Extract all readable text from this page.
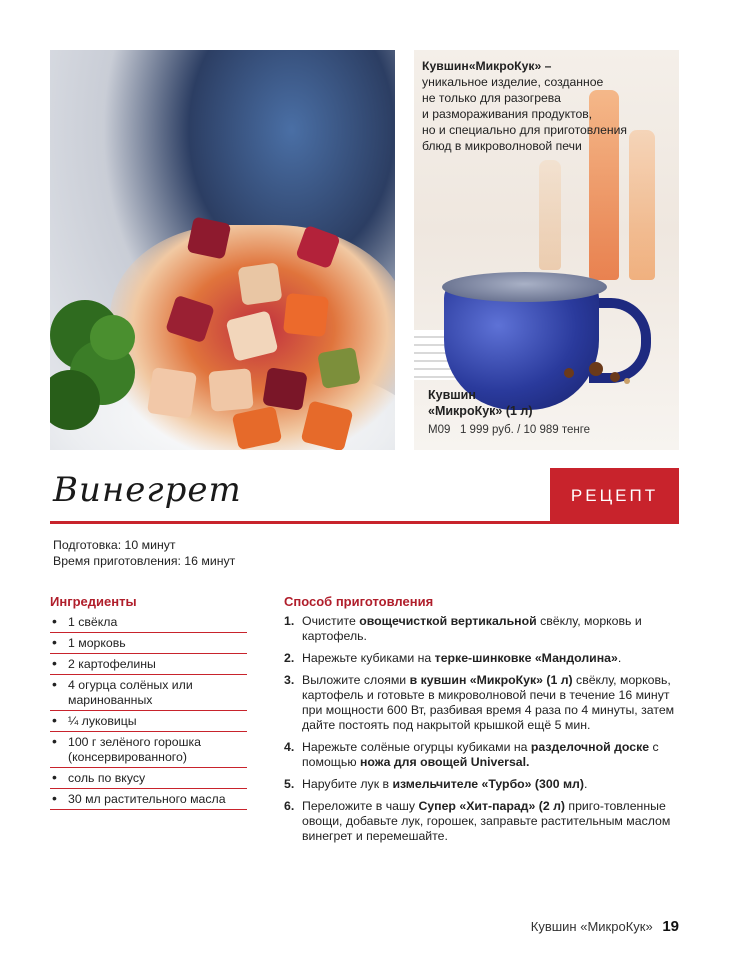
Кувшин«МикроКук» –
уникальное изделие, созданное
не только для разогрева
и размораживания продуктов,
но и специально для приготовления
блюд в микроволновой печи
Кувшин
«МикроКук» (1 л)
M09 1 999 руб. / 10 989 тенге
Винегрет	РЕЦЕПТ
Подготовка: 10 минут
Время приготовления: 16 минут
Ингредиенты
• 1 свёкла
• 1 морковь
• 2 картофелины
• 4 огурца солёных или маринованных
• ¼ луковицы
• 100 г зелёного горошка (консервированного)
• соль по вкусу
• 30 мл растительного масла
Способ приготовления
1. Очистите овощечисткой вертикальной свёклу, морковь и картофель.
2. Нарежьте кубиками на терке-шинковке «Мандолина».
3. Выложите слоями в кувшин «МикроКук» (1 л) свёклу, морковь, картофель и готовьте в микроволновой печи в течение 16 минут при мощности 600 Вт, разбивая время 4 раза по 4 минуты, затем дайте постоять под накрытой крышкой ещё 5 мин.
4. Нарежьте солёные огурцы кубиками на разделочной доске с помощью ножа для овощей Universal.
5. Нарубите лук в измельчителе «Турбо» (300 мл).
6. Переложите в чашу Супер «Хит-парад» (2 л) приго-товленные овощи, добавьте лук, горошек, заправьте растительным маслом винегрет и перемешайте.
Кувшин «МикроКук» 19
